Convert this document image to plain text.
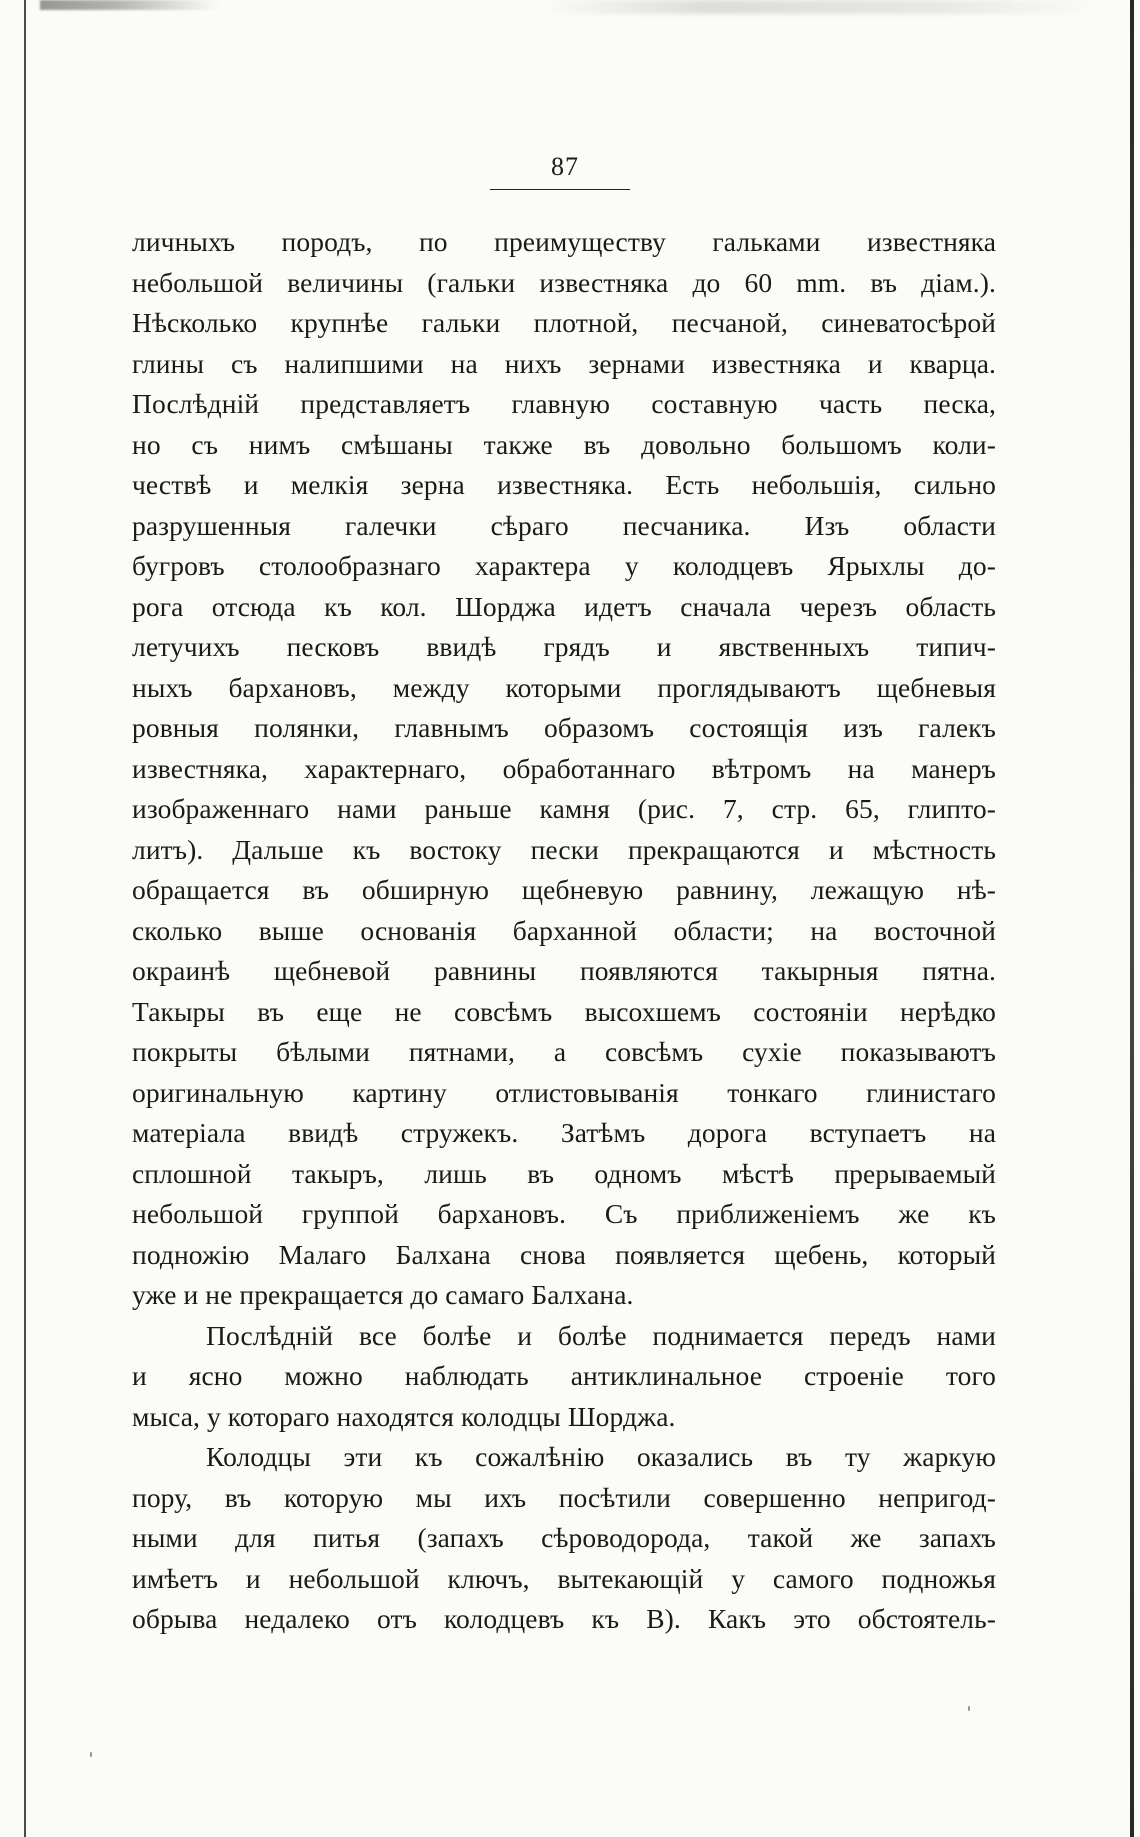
87
личныхъ породъ, по преимуществу гальками известняка
небольшой величины (гальки известняка до 60 mm. въ діам.).
Нѣсколько крупнѣе гальки плотной, песчаной, синеватосѣрой
глины съ налипшими на нихъ зернами известняка и кварца.
Послѣдній представляетъ главную составную часть песка,
но съ нимъ смѣшаны также въ довольно большомъ коли-
чествѣ и мелкія зерна известняка. Есть небольшія, сильно
разрушенныя галечки сѣраго песчаника. Изъ области
бугровъ столообразнаго характера у колодцевъ Ярыхлы до-
рога отсюда къ кол. Шорджа идетъ сначала черезъ область
летучихъ песковъ ввидѣ грядъ и явственныхъ типич-
ныхъ бархановъ, между которыми проглядываютъ щебневыя
ровныя полянки, главнымъ образомъ состоящія изъ галекъ
известняка, характернаго, обработаннаго вѣтромъ на манеръ
изображеннаго нами раньше камня (рис. 7, стр. 65, глипто-
литъ). Дальше къ востоку пески прекращаются и мѣстность
обращается въ обширную щебневую равнину, лежащую нѣ-
сколько выше основанія барханной области; на восточной
окраинѣ щебневой равнины появляются такырныя пятна.
Такыры въ еще не совсѣмъ высохшемъ состояніи нерѣдко
покрыты бѣлыми пятнами, а совсѣмъ сухіе показываютъ
оригинальную картину отлистовыванія тонкаго глинистаго
матеріала ввидѣ стружекъ. Затѣмъ дорога вступаетъ на
сплошной такыръ, лишь въ одномъ мѣстѣ прерываемый
небольшой группой бархановъ. Съ приближеніемъ же къ
подножію Малаго Балхана снова появляется щебень, который
уже и не прекращается до самаго Балхана.
Послѣдній все болѣе и болѣе поднимается передъ нами
и ясно можно наблюдать антиклинальное строеніе того
мыса, у котораго находятся колодцы Шорджа.
Колодцы эти къ сожалѣнію оказались въ ту жаркую
пору, въ которую мы ихъ посѣтили совершенно непригод-
ными для питья (запахъ сѣроводорода, такой же запахъ
имѣетъ и небольшой ключъ, вытекающій у самого подножья
обрыва недалеко отъ колодцевъ къ В). Какъ это обстоятель-
